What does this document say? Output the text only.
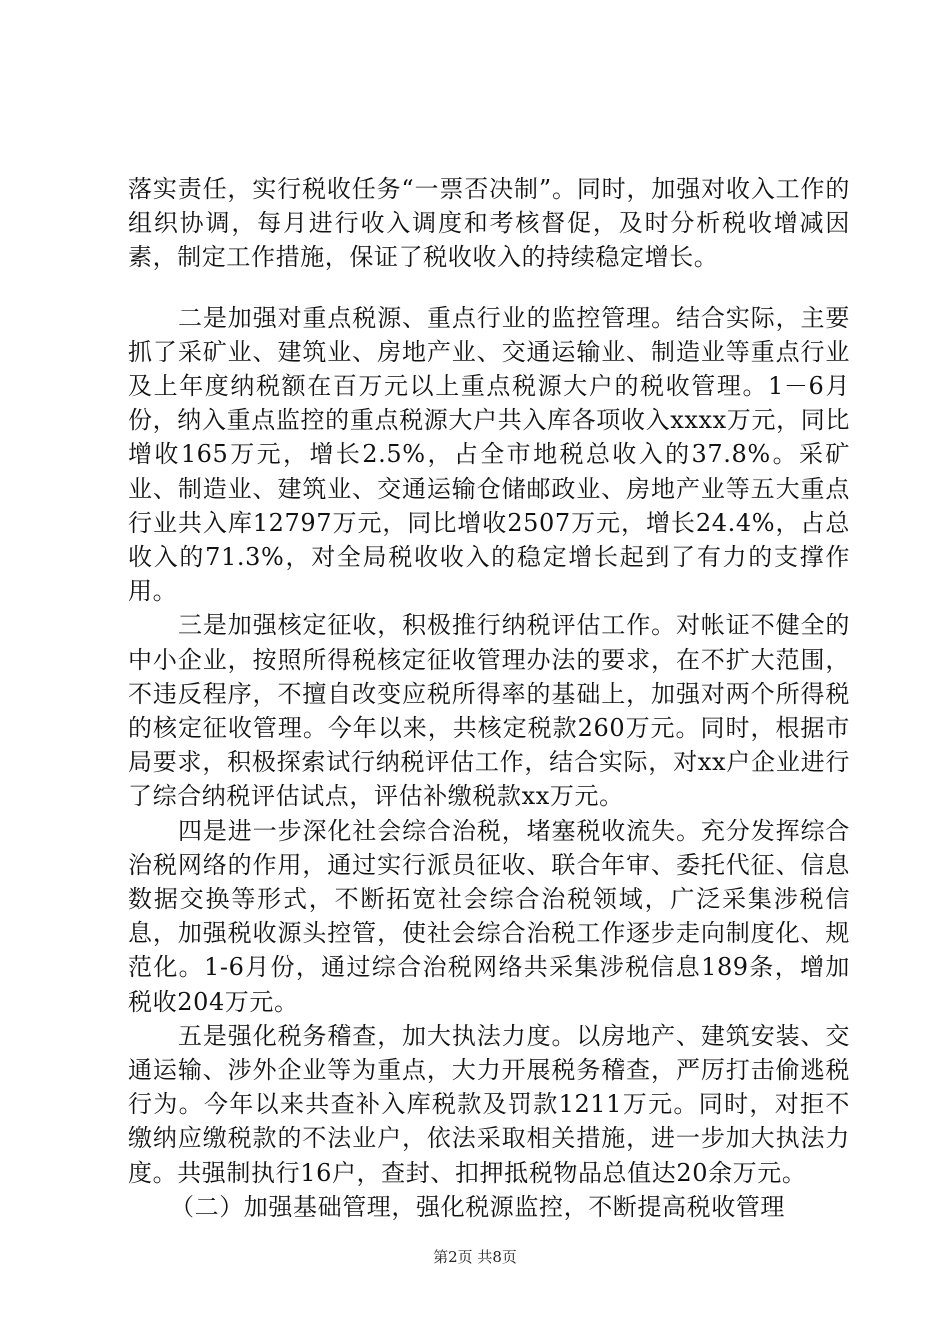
落实责任，实行税收任务“一票否决制”。同时，加强对收入工作的组织协调，每月进行收入调度和考核督促，及时分析税收增减因素，制定工作措施，保证了税收收入的持续稳定增长。

二是加强对重点税源、重点行业的监控管理。结合实际，主要抓了采矿业、建筑业、房地产业、交通运输业、制造业等重点行业及上年度纳税额在百万元以上重点税源大户的税收管理。1－6月份，纳入重点监控的重点税源大户共入库各项收入xxxx万元，同比增收165万元，增长2.5%，占全市地税总收入的37.8%。采矿业、制造业、建筑业、交通运输仓储邮政业、房地产业等五大重点行业共入库12797万元，同比增收2507万元，增长24.4%，占总收入的71.3%，对全局税收收入的稳定增长起到了有力的支撑作用。

三是加强核定征收，积极推行纳税评估工作。对帐证不健全的中小企业，按照所得税核定征收管理办法的要求，在不扩大范围，不违反程序，不擅自改变应税所得率的基础上，加强对两个所得税的核定征收管理。今年以来，共核定税款260万元。同时，根据市局要求，积极探索试行纳税评估工作，结合实际，对xx户企业进行了综合纳税评估试点，评估补缴税款xx万元。

四是进一步深化社会综合治税，堵塞税收流失。充分发挥综合治税网络的作用，通过实行派员征收、联合年审、委托代征、信息数据交换等形式，不断拓宽社会综合治税领域，广泛采集涉税信息，加强税收源头控管，使社会综合治税工作逐步走向制度化、规范化。1-6月份，通过综合治税网络共采集涉税信息189条，增加税收204万元。

五是强化税务稽查，加大执法力度。以房地产、建筑安装、交通运输、涉外企业等为重点，大力开展税务稽查，严厉打击偷逃税行为。今年以来共查补入库税款及罚款1211万元。同时，对拒不缴纳应缴税款的不法业户，依法采取相关措施，进一步加大执法力度。共强制执行16户，查封、扣押抵税物品总值达20余万元。

（二）加强基础管理，强化税源监控，不断提高税收管理

第2页 共8页
